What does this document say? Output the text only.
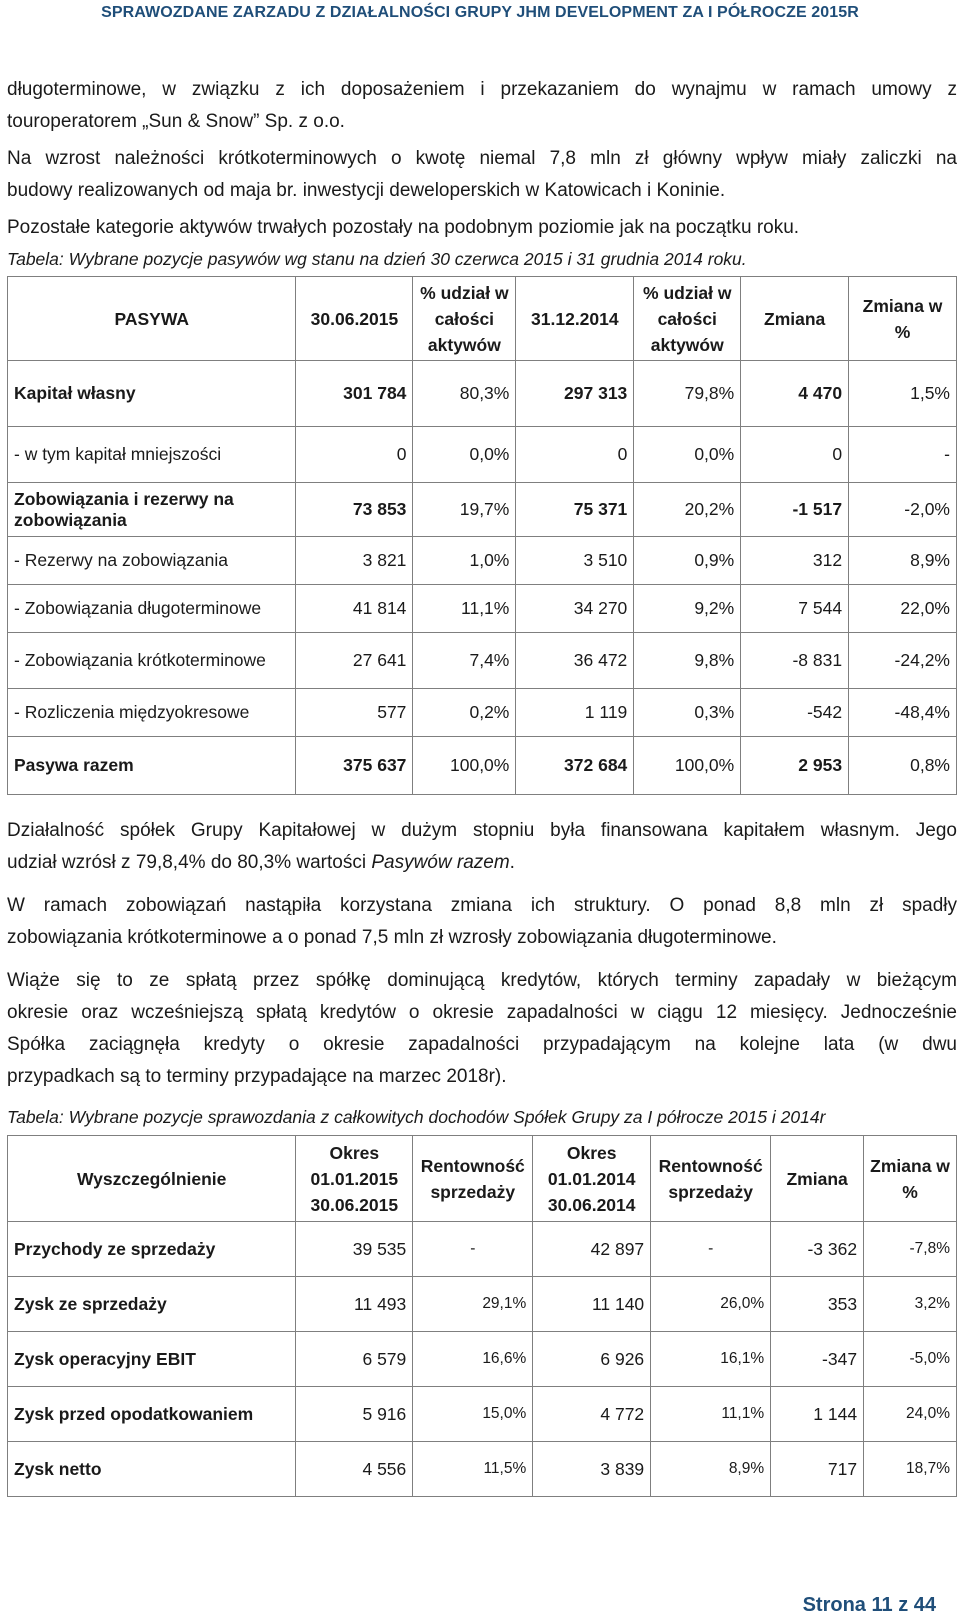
SPRAWOZDANE ZARZADU Z DZIAŁALNOŚCI GRUPY JHM DEVELOPMENT ZA I PÓŁROCZE 2015R

długoterminowe, w związku z ich doposażeniem i przekazaniem do wynajmu w ramach umowy z

touroperatorem „Sun & Snow” Sp. z o.o.

Na wzrost należności krótkoterminowych o kwotę niemal 7,8 mln zł główny wpływ miały zaliczki na

budowy realizowanych od maja br. inwestycji deweloperskich w Katowicach i Koninie.

Pozostałe kategorie aktywów trwałych pozostały na podobnym poziomie jak na początku roku.

Tabela: Wybrane pozycje pasywów wg stanu na dzień 30 czerwca 2015 i 31 grudnia 2014 roku.

PASYWA	30.06.2015	% udział w całości aktywów	31.12.2014	% udział w całości aktywów	Zmiana	Zmiana w %
Kapitał własny	301 784	80,3%	297 313	79,8%	4 470	1,5%
- w tym kapitał mniejszości	0	0,0%	0	0,0%	0	-
Zobowiązania i rezerwy na zobowiązania	73 853	19,7%	75 371	20,2%	-1 517	-2,0%
- Rezerwy na zobowiązania	3 821	1,0%	3 510	0,9%	312	8,9%
- Zobowiązania długoterminowe	41 814	11,1%	34 270	9,2%	7 544	22,0%
- Zobowiązania krótkoterminowe	27 641	7,4%	36 472	9,8%	-8 831	-24,2%
- Rozliczenia międzyokresowe	577	0,2%	1 119	0,3%	-542	-48,4%
Pasywa razem	375 637	100,0%	372 684	100,0%	2 953	0,8%

Działalność spółek Grupy Kapitałowej w dużym stopniu była finansowana kapitałem własnym. Jego

udział wzrósł z 79,8,4% do 80,3% wartości Pasywów razem.

W ramach zobowiązań nastąpiła korzystana zmiana ich struktury. O ponad 8,8 mln zł spadły

zobowiązania krótkoterminowe a o ponad 7,5 mln zł wzrosły zobowiązania długoterminowe.

Wiąże się to ze spłatą przez spółkę dominującą kredytów, których terminy zapadały w bieżącym

okresie oraz wcześniejszą spłatą kredytów o okresie zapadalności w ciągu 12 miesięcy. Jednocześnie

Spółka zaciągnęła kredyty o okresie zapadalności przypadającym na kolejne lata (w dwu

przypadkach są to terminy przypadające na marzec 2018r).

Tabela: Wybrane pozycje sprawozdania z całkowitych dochodów Spółek Grupy za I półrocze 2015 i 2014r

Wyszczególnienie	Okres 01.01.2015 30.06.2015	Rentowność sprzedaży	Okres 01.01.2014 30.06.2014	Rentowność sprzedaży	Zmiana	Zmiana w %
Przychody ze sprzedaży	39 535	-	42 897	-	-3 362	-7,8%
Zysk ze sprzedaży	11 493	29,1%	11 140	26,0%	353	3,2%
Zysk operacyjny EBIT	6 579	16,6%	6 926	16,1%	-347	-5,0%
Zysk przed opodatkowaniem	5 916	15,0%	4 772	11,1%	1 144	24,0%
Zysk netto	4 556	11,5%	3 839	8,9%	717	18,7%
Strona 11 z 44
